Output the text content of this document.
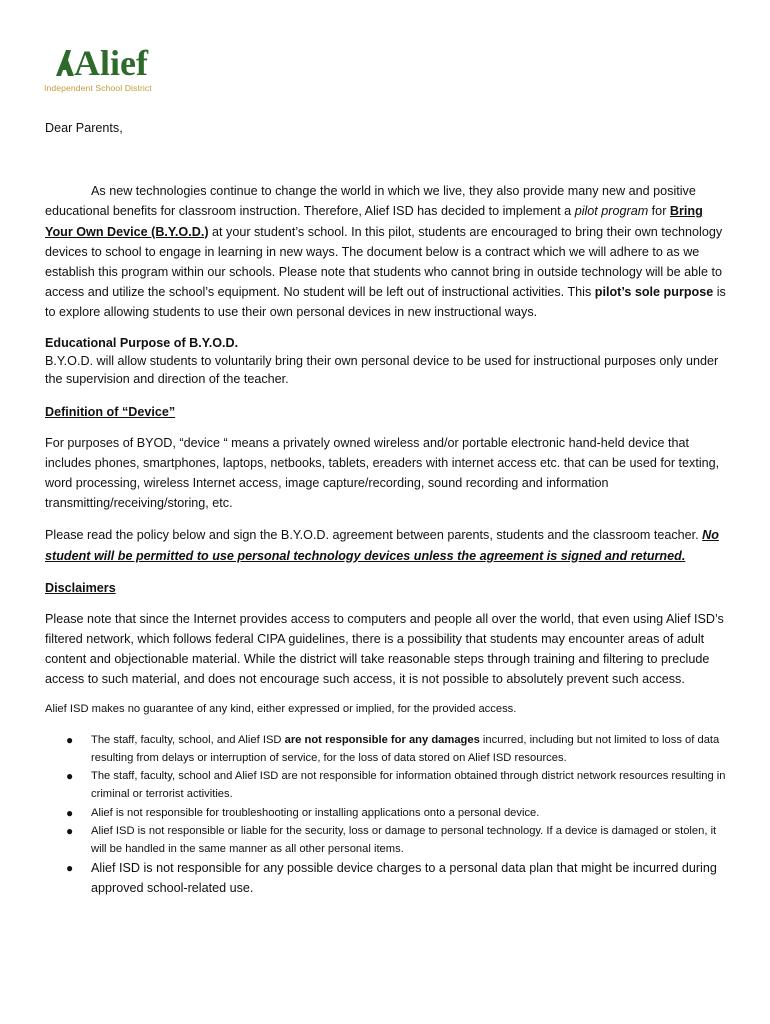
Alief
Independent School District

Dear Parents,

As new technologies continue to change the world in which we live, they also provide many new and positive educational benefits for classroom instruction. Therefore, Alief ISD has decided to implement a pilot program for Bring Your Own Device (B.Y.O.D.) at your student’s school. In this pilot, students are encouraged to bring their own technology devices to school to engage in learning in new ways. The document below is a contract which we will adhere to as we establish this program within our schools. Please note that students who cannot bring in outside technology will be able to access and utilize the school’s equipment. No student will be left out of instructional activities. This pilot’s sole purpose is to explore allowing students to use their own personal devices in new instructional ways.

Educational Purpose of B.Y.O.D.

B.Y.O.D. will allow students to voluntarily bring their own personal device to be used for instructional purposes only under the supervision and direction of the teacher.

Definition of “Device”

For purposes of BYOD, “device “ means a privately owned wireless and/or portable electronic hand-held device that includes phones, smartphones, laptops, netbooks, tablets, ereaders with internet access etc. that can be used for texting, word processing, wireless Internet access, image capture/recording, sound recording and information transmitting/receiving/storing, etc.

Please read the policy below and sign the B.Y.O.D. agreement between parents, students and the classroom teacher. No student will be permitted to use personal technology devices unless the agreement is signed and returned.

Disclaimers

Please note that since the Internet provides access to computers and people all over the world, that even using Alief ISD’s filtered network, which follows federal CIPA guidelines, there is a possibility that students may encounter areas of adult content and objectionable material. While the district will take reasonable steps through training and filtering to preclude access to such material, and does not encourage such access, it is not possible to absolutely prevent such access.

Alief ISD makes no guarantee of any kind, either expressed or implied, for the provided access.

● The staff, faculty, school, and Alief ISD are not responsible for any damages incurred, including but not limited to loss of data resulting from delays or interruption of service, for the loss of data stored on Alief ISD resources.
● The staff, faculty, school and Alief ISD are not responsible for information obtained through district network resources resulting in criminal or terrorist activities.
● Alief is not responsible for troubleshooting or installing applications onto a personal device.
● Alief ISD is not responsible or liable for the security, loss or damage to personal technology. If a device is damaged or stolen, it will be handled in the same manner as all other personal items.
● Alief ISD is not responsible for any possible device charges to a personal data plan that might be incurred during approved school-related use.
